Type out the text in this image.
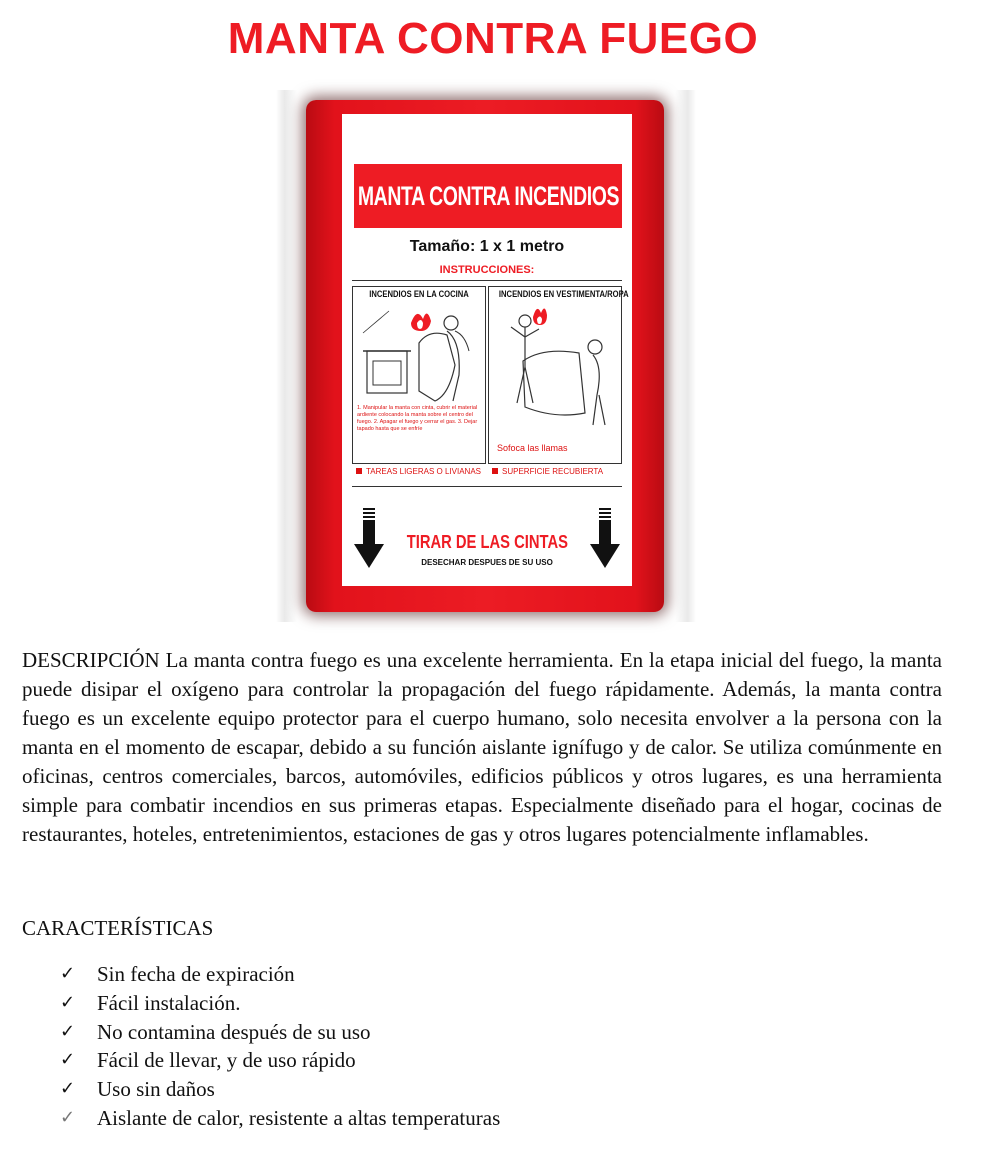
MANTA CONTRA FUEGO
MANTA CONTRA INCENDIOS
Tamaño: 1 x 1 metro
INSTRUCCIONES:
INCENDIOS EN LA COCINA
1. Manipular la manta con cinta, cubrir el material ardiente colocando la manta sobre el centro del fuego. 2. Apagar el fuego y cerrar el gas. 3. Dejar tapado hasta que se enfríe
INCENDIOS EN VESTIMENTA/ROPA
Sofoca las llamas
TAREAS LIGERAS O LIVIANAS	SUPERFICIE RECUBIERTA
TIRAR DE LAS CINTAS
DESECHAR DESPUES DE SU USO
DESCRIPCIÓN La manta contra fuego es una excelente herramienta. En la etapa inicial del fuego, la manta puede disipar el oxígeno para controlar la propagación del fuego rápidamente. Además, la manta contra fuego es un excelente equipo protector para el cuerpo humano, solo necesita envolver a la persona con la manta en el momento de escapar, debido a su función aislante ignífugo y de calor. Se utiliza comúnmente en oficinas, centros comerciales, barcos, automóviles, edificios públicos y otros lugares, es una herramienta simple para combatir incendios en sus primeras etapas. Especialmente diseñado para el hogar, cocinas de restaurantes, hoteles, entretenimientos, estaciones de gas y otros lugares potencialmente inflamables.
CARACTERÍSTICAS
✓	Sin fecha de expiración
✓	Fácil instalación.
✓	No contamina después de su uso
✓	Fácil de llevar, y de uso rápido
✓	Uso sin daños
✓	Aislante de calor, resistente a altas temperaturas
